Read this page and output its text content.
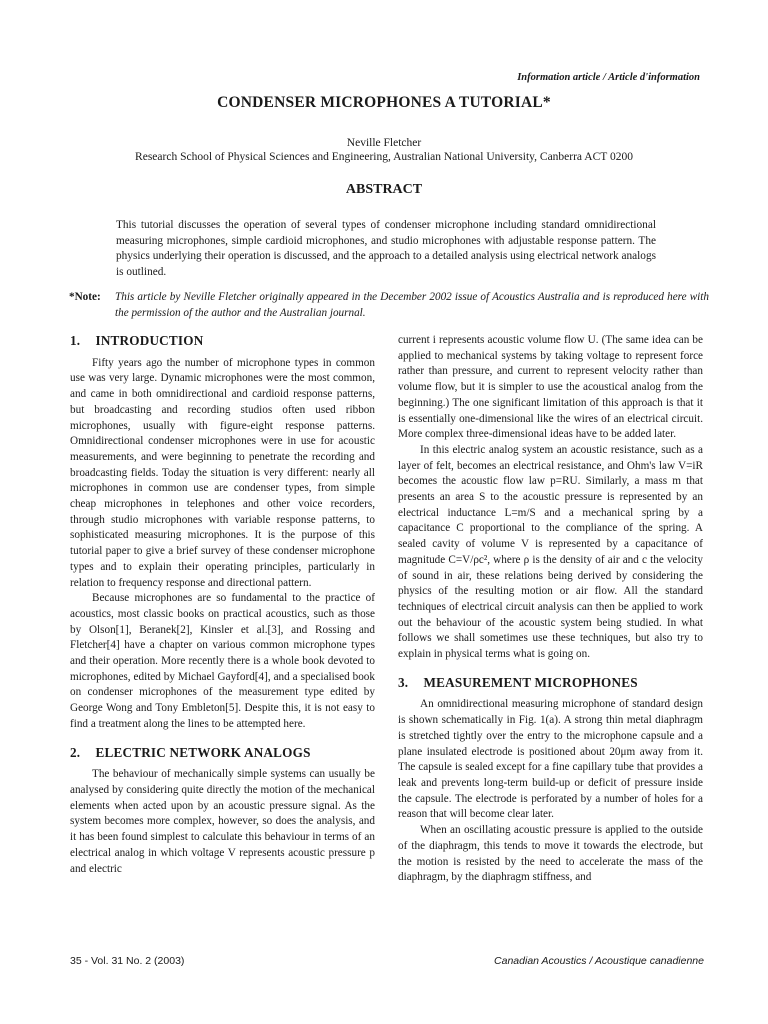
Information article / Article d'information
CONDENSER MICROPHONES A TUTORIAL*
Neville Fletcher
Research School of Physical Sciences and Engineering, Australian National University, Canberra ACT 0200
ABSTRACT

This tutorial discusses the operation of several types of condenser microphone including standard omnidirectional measuring microphones, simple cardioid microphones, and studio microphones with adjustable response pattern. The physics underlying their operation is discussed, and the approach to a detailed analysis using electrical network analogs is outlined.

*Note: This article by Neville Fletcher originally appeared in the December 2002 issue of Acoustics Australia and is reproduced here with the permission of the author and the Australian journal.
1. INTRODUCTION

Fifty years ago the number of microphone types in common use was very large. Dynamic microphones were the most common, and came in both omnidirectional and cardioid response patterns, but broadcasting and recording studios often used ribbon microphones, usually with figure-eight response patterns. Omnidirectional condenser microphones were in use for acoustic measurements, and were beginning to penetrate the recording and broadcasting fields. Today the situation is very different: nearly all microphones in common use are condenser types, from simple cheap microphones in telephones and other voice recorders, through studio microphones with variable response patterns, to sophisticated measuring microphones. It is the purpose of this tutorial paper to give a brief survey of these condenser microphone types and to explain their operating principles, particularly in relation to frequency response and directional pattern.

Because microphones are so fundamental to the practice of acoustics, most classic books on practical acoustics, such as those by Olson[1], Beranek[2], Kinsler et al.[3], and Rossing and Fletcher[4] have a chapter on various common microphone types and their operation. More recently there is a whole book devoted to microphones, edited by Michael Gayford[4], and a specialised book on condenser microphones of the measurement type edited by George Wong and Tony Embleton[5]. Despite this, it is not easy to find a treatment along the lines to be attempted here.

2. ELECTRIC NETWORK ANALOGS

The behaviour of mechanically simple systems can usually be analysed by considering quite directly the motion of the mechanical elements when acted upon by an acoustic pressure signal. As the system becomes more complex, however, so does the analysis, and it has been found simplest to calculate this behaviour in terms of an electrical analog in which voltage V represents acoustic pressure p and electric

current i represents acoustic volume flow U. (The same idea can be applied to mechanical systems by taking voltage to represent force rather than pressure, and current to represent velocity rather than volume flow, but it is simpler to use the acoustical analog from the beginning.) The one significant limitation of this approach is that it is essentially one-dimensional like the wires of an electrical circuit. More complex three-dimensional ideas have to be added later.

In this electric analog system an acoustic resistance, such as a layer of felt, becomes an electrical resistance, and Ohm's law V=iR becomes the acoustic flow law p=RU. Similarly, a mass m that presents an area S to the acoustic pressure is represented by an electrical inductance L=m/S and a mechanical spring by a capacitance C proportional to the compliance of the spring. A sealed cavity of volume V is represented by a capacitance of magnitude C=V/ρc², where ρ is the density of air and c the velocity of sound in air, these relations being derived by considering the physics of the resulting motion or air flow. All the standard techniques of electrical circuit analysis can then be applied to work out the behaviour of the acoustic system being studied. In what follows we shall sometimes use these techniques, but also try to explain in physical terms what is going on.

3. MEASUREMENT MICROPHONES

An omnidirectional measuring microphone of standard design is shown schematically in Fig. 1(a). A strong thin metal diaphragm is stretched tightly over the entry to the microphone capsule and a plane insulated electrode is positioned about 20μm away from it. The capsule is sealed except for a fine capillary tube that provides a leak and prevents long-term build-up or deficit of pressure inside the capsule. The electrode is perforated by a number of holes for a reason that will become clear later.

When an oscillating acoustic pressure is applied to the outside of the diaphragm, this tends to move it towards the electrode, but the motion is resisted by the need to accelerate the mass of the diaphragm, by the diaphragm stiffness, and

35 - Vol. 31 No. 2 (2003)	Canadian Acoustics / Acoustique canadienne
